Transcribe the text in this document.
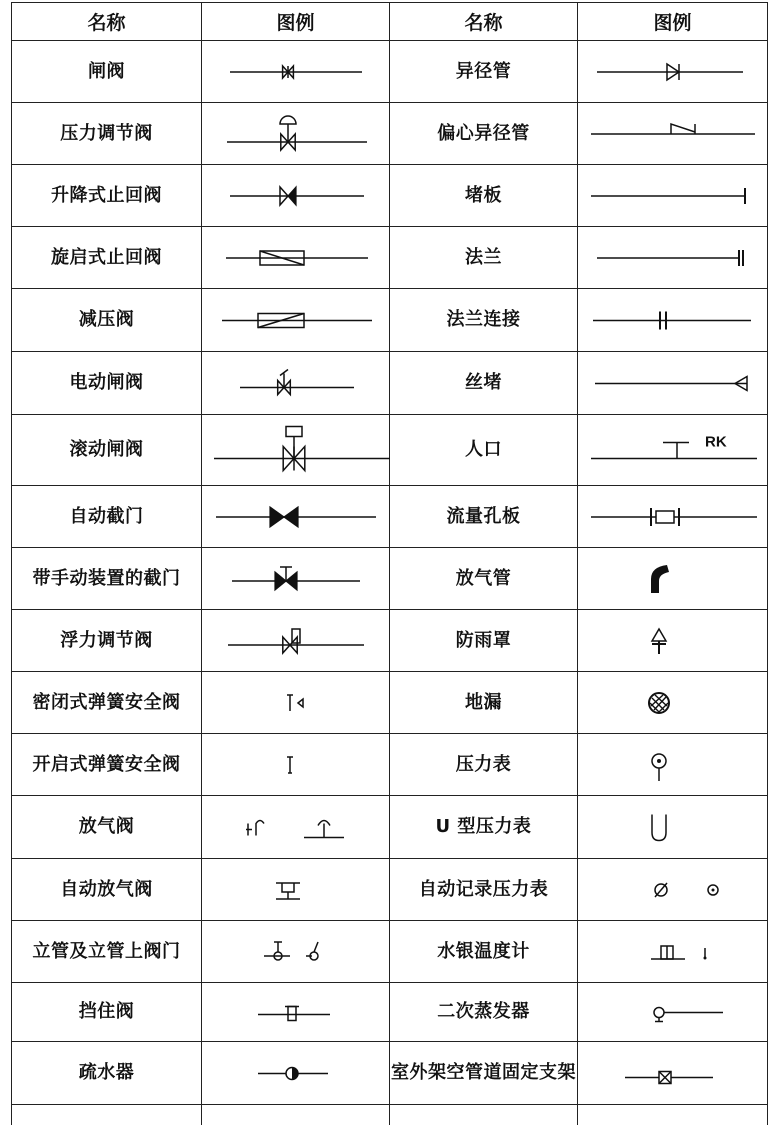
名称	图例	名称	图例
闸阀		异径管	

压力调节阀		偏心异径管	

升降式止回阀		堵板	

旋启式止回阀		法兰	

减压阀		法兰连接	

电动闸阀		丝堵	

滚动闸阀		人口	RK

自动截门		流量孔板	

带手动装置的截门		放气管	

浮力调节阀		防雨罩	

密闭式弹簧安全阀		地漏	

开启式弹簧安全阀		压力表	

放气阀		U 型压力表	

自动放气阀		自动记录压力表	

立管及立管上阀门		水银温度计	

挡住阀		二次蒸发器	

疏水器		室外架空管道固定支架	
